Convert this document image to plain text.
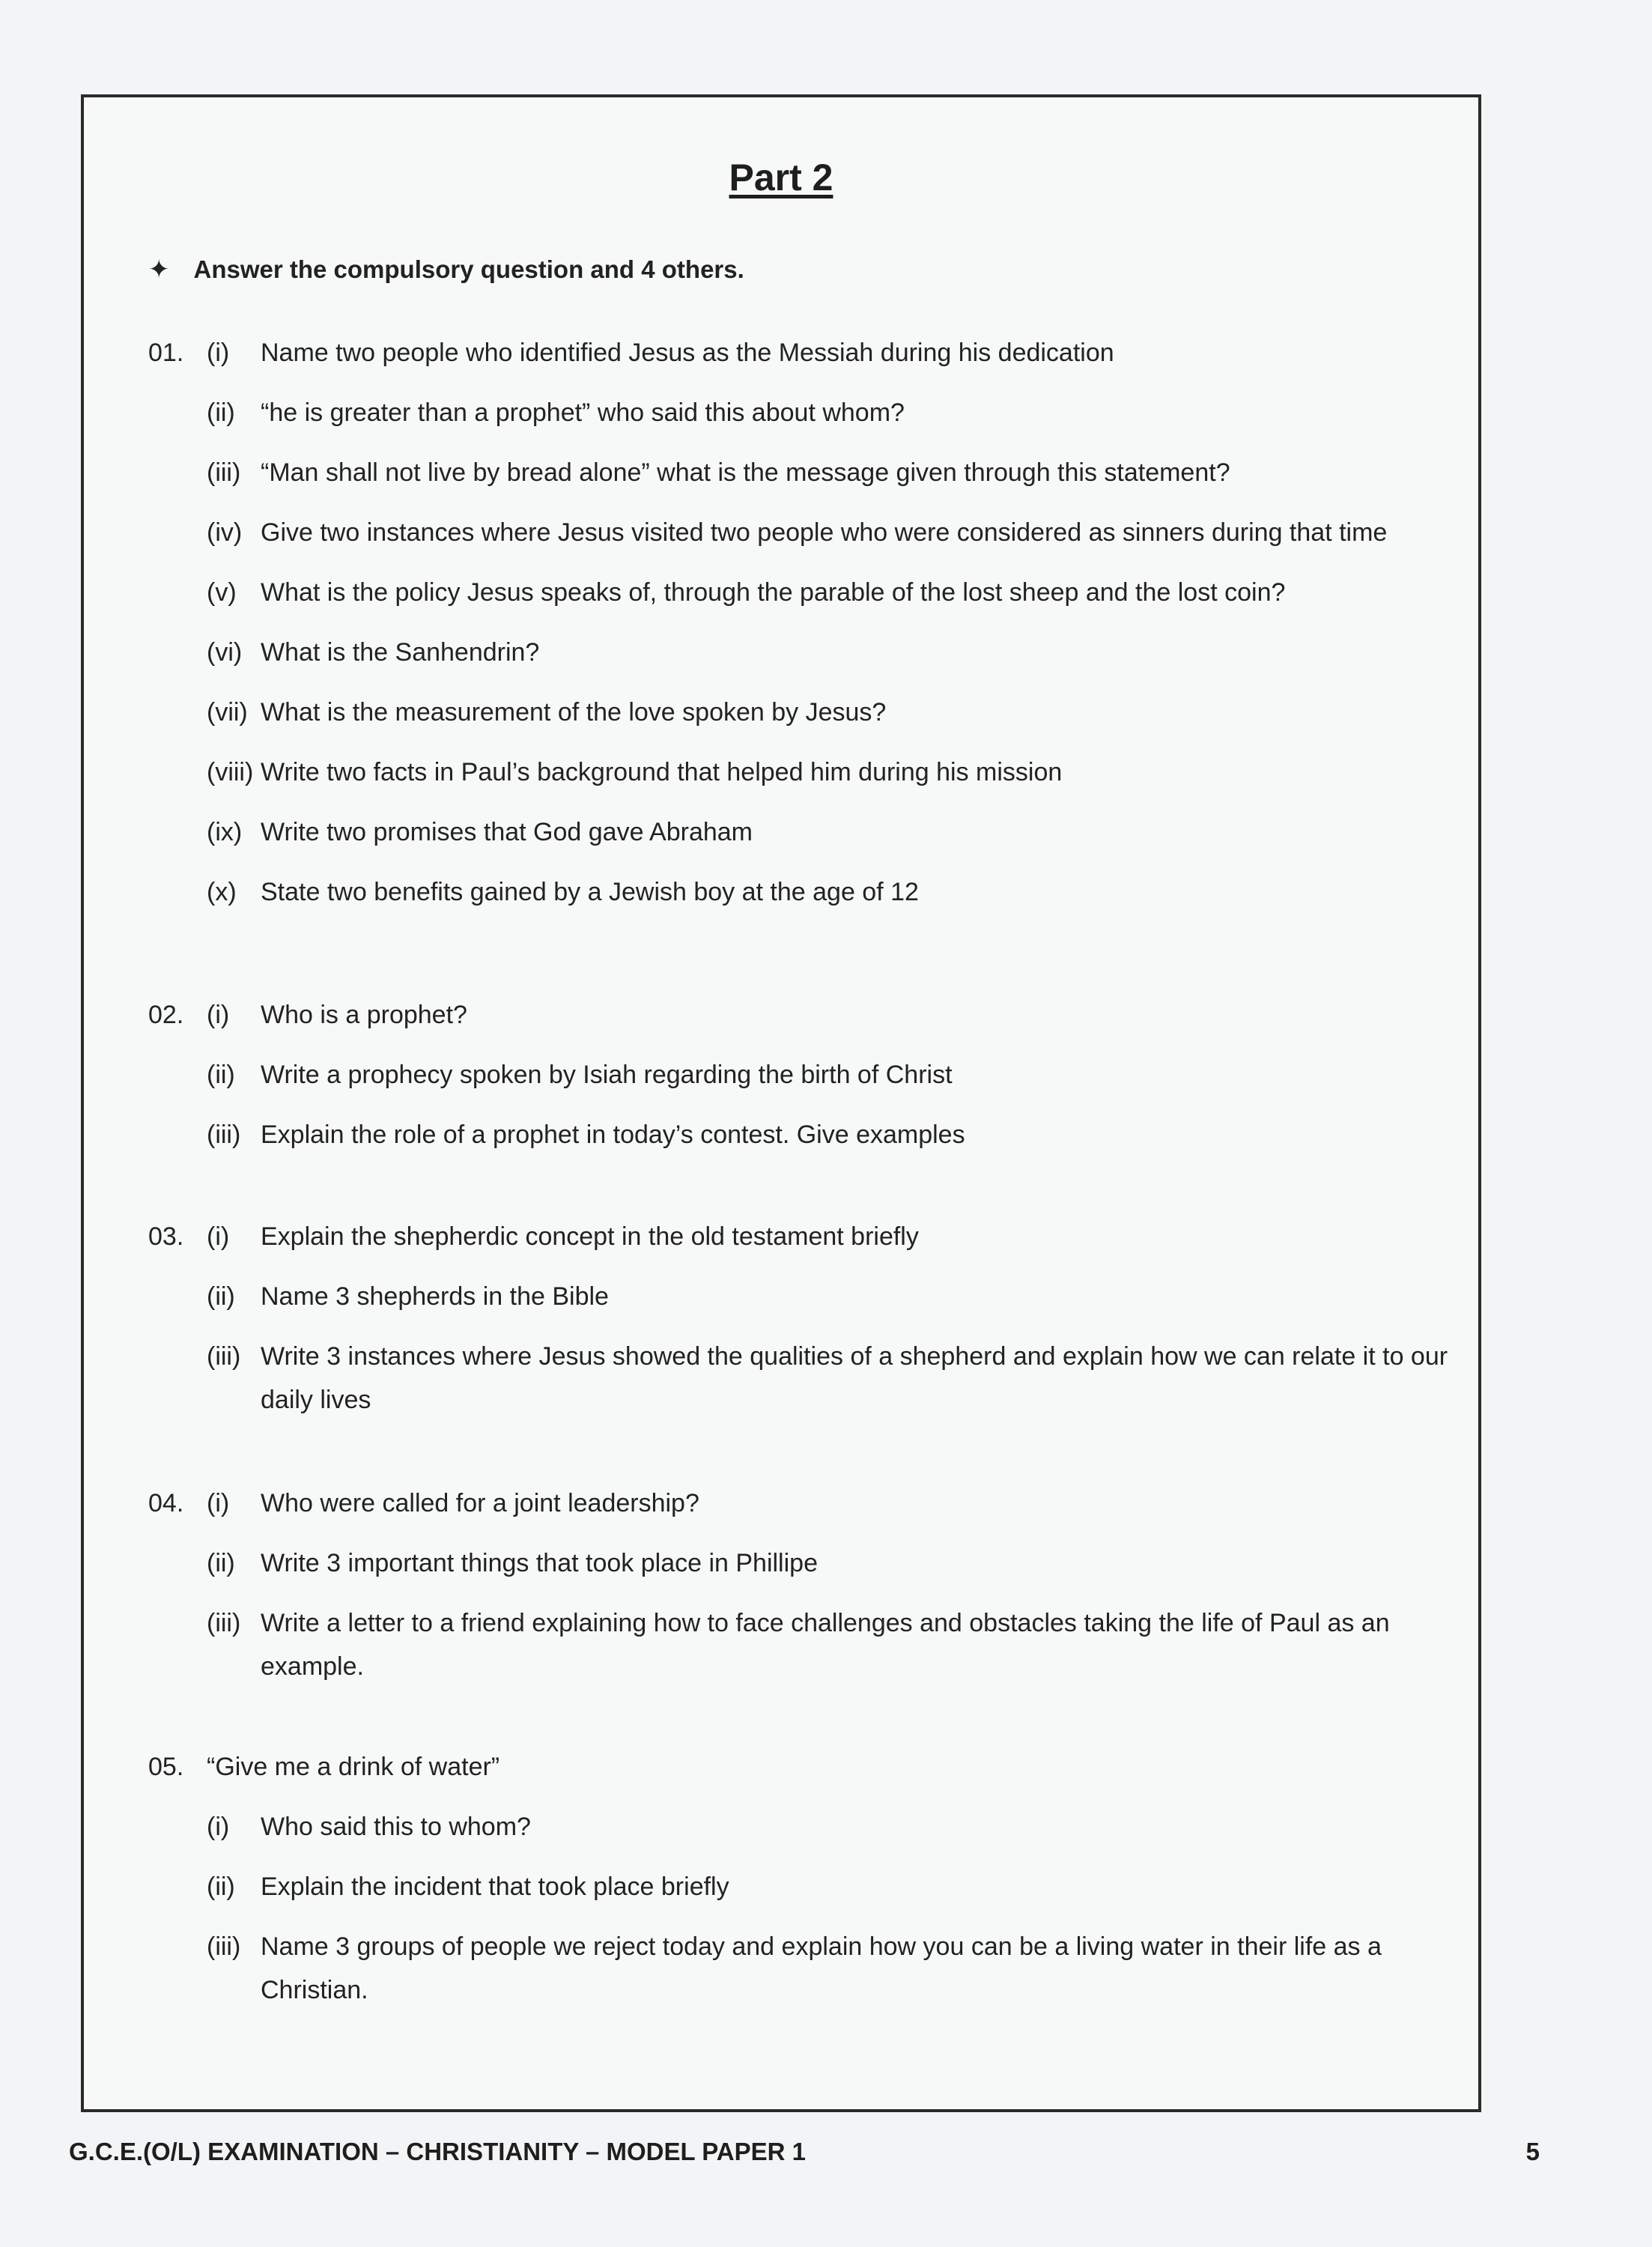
Part 2
✦ Answer the compulsory question and 4 others.
01. (i) Name two people who identified Jesus as the Messiah during his dedication
(ii) “he is greater than a prophet” who said this about whom?
(iii) “Man shall not live by bread alone” what is the message given through this statement?
(iv) Give two instances where Jesus visited two people who were considered as sinners during that time
(v) What is the policy Jesus speaks of, through the parable of the lost sheep and the lost coin?
(vi) What is the Sanhendrin?
(vii) What is the measurement of the love spoken by Jesus?
(viii) Write two facts in Paul’s background that helped him during his mission
(ix) Write two promises that God gave Abraham
(x) State two benefits gained by a Jewish boy at the age of 12
02. (i) Who is a prophet?
(ii) Write a prophecy spoken by Isiah regarding the birth of Christ
(iii) Explain the role of a prophet in today’s contest. Give examples
03. (i) Explain the shepherdic concept in the old testament briefly
(ii) Name 3 shepherds in the Bible
(iii) Write 3 instances where Jesus showed the qualities of a shepherd and explain how we can relate it to our daily lives
04. (i) Who were called for a joint leadership?
(ii) Write 3 important things that took place in Phillipe
(iii) Write a letter to a friend explaining how to face challenges and obstacles taking the life of Paul as an example.
05. “Give me a drink of water”
(i) Who said this to whom?
(ii) Explain the incident that took place briefly
(iii) Name 3 groups of people we reject today and explain how you can be a living water in their life as a Christian.
G.C.E.(O/L) EXAMINATION – CHRISTIANITY – MODEL PAPER 1	5
